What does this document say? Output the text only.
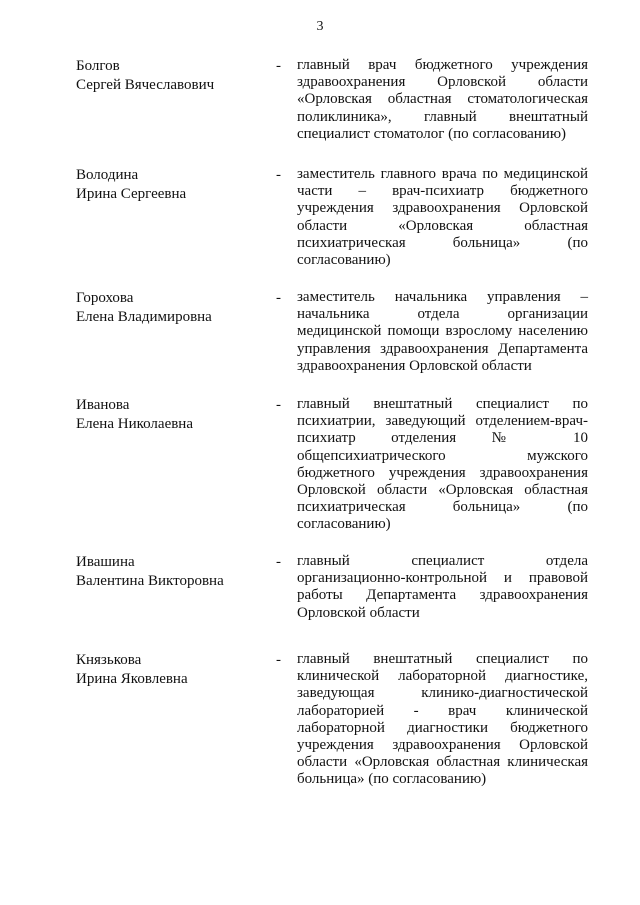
3
Болгов
Сергей Вячеславович
- главный врач бюджетного учреждения
здравоохранения Орловской области
«Орловская областная стоматологическая
поликлиника», главный внештатный
специалист стоматолог (по согласованию)
Володина
Ирина Сергеевна
- заместитель главного врача по медицинской
части – врач-психиатр бюджетного
учреждения здравоохранения Орловской
области «Орловская областная
психиатрическая больница» (по
согласованию)
Горохова
Елена Владимировна
- заместитель начальника управления –
начальника отдела организации
медицинской помощи взрослому населению
управления здравоохранения Департамента
здравоохранения Орловской области
Иванова
Елена Николаевна
- главный внештатный специалист по
психиатрии, заведующий отделением-врач-
психиатр отделения № 10
общепсихиатрического мужского
бюджетного учреждения здравоохранения
Орловской области «Орловская областная
психиатрическая больница» (по
согласованию)
Ивашина
Валентина Викторовна
- главный специалист отдела
организационно-контрольной и правовой
работы Департамента здравоохранения
Орловской области
Князькова
Ирина Яковлевна
- главный внештатный специалист по
клинической лабораторной диагностике,
заведующая клинико-диагностической
лабораторией - врач клинической
лабораторной диагностики бюджетного
учреждения здравоохранения Орловской
области «Орловская областная клиническая
больница» (по согласованию)
